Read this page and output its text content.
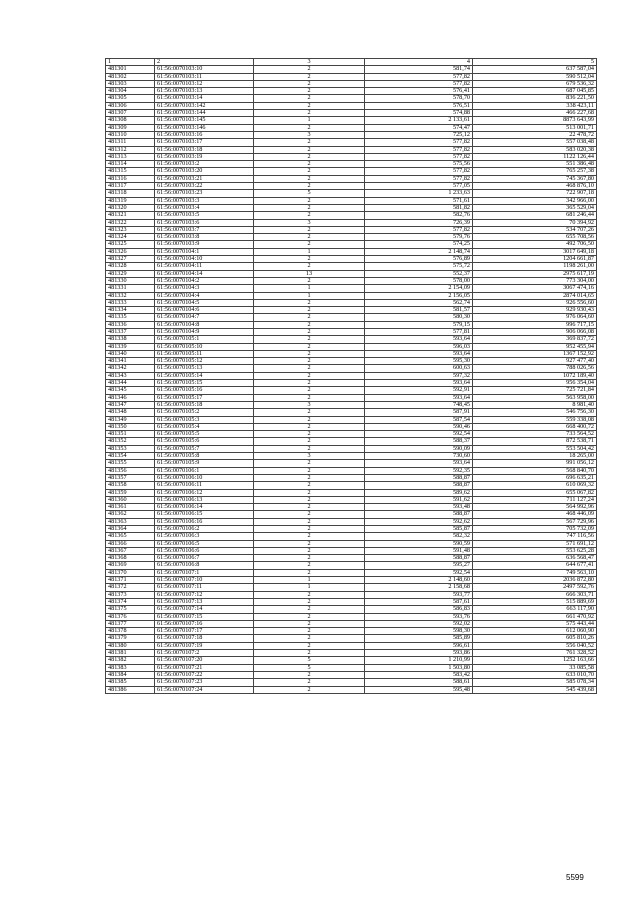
1	2	3	4	5
481301	61:56:0070103:10	2	581,74	637 587,04
481302	61:56:0070103:11	2	577,82	590 512,04
481303	61:56:0070103:12	2	577,82	679 536,32
481304	61:56:0070103:13	2	576,41	687 045,85
481305	61:56:0070103:14	2	578,70	836 221,50
481306	61:56:0070103:142	2	576,51	338 423,11
481307	61:56:0070103:144	2	574,88	466 227,68
481308	61:56:0070103:145	1	2 133,61	8873 643,99
481309	61:56:0070103:146	2	574,47	513 001,71
481310	61:56:0070103:16	3	725,12	22 478,72
481311	61:56:0070103:17	2	577,82	557 038,48
481312	61:56:0070103:18	2	577,82	583 020,38
481313	61:56:0070103:19	2	577,82	1122 126,44
481314	61:56:0070103:2	2	575,56	551 386,48
481315	61:56:0070103:20	2	577,82	765 257,38
481316	61:56:0070103:21	2	577,82	745 367,80
481317	61:56:0070103:22	2	577,05	468 876,10
481318	61:56:0070103:23	5	1 233,63	722 907,18
481319	61:56:0070103:3	2	571,61	342 966,00
481320	61:56:0070103:4	2	581,82	365 529,04
481321	61:56:0070103:5	2	582,76	681 246,44
481322	61:56:0070103:6	3	726,39	70 394,92
481323	61:56:0070103:7	2	577,82	534 707,26
481324	61:56:0070103:8	2	579,76	655 708,56
481325	61:56:0070103:9	2	574,25	492 706,50
481326	61:56:0070104:1	1	2 148,74	3017 649,18
481327	61:56:0070104:10	2	576,89	1204 661,87
481328	61:56:0070104:11	2	575,72	1198 261,00
481329	61:56:0070104:14	13	552,37	2975 617,19
481330	61:56:0070104:2	2	578,00	773 304,00
481331	61:56:0070104:3	1	2 154,09	3067 474,16
481332	61:56:0070104:4	1	2 156,05	2874 014,65
481333	61:56:0070104:5	2	562,74	926 556,60
481334	61:56:0070104:6	2	581,57	929 930,43
481335	61:56:0070104:7	2	580,30	976 064,60
481336	61:56:0070104:8	2	579,15	996 717,15
481337	61:56:0070104:9	2	577,81	906 066,08
481338	61:56:0070105:1	2	593,64	369 837,72
481339	61:56:0070105:10	2	596,03	952 455,94
481340	61:56:0070105:11	2	593,64	1367 152,92
481341	61:56:0070105:12	2	595,30	927 477,40
481342	61:56:0070105:13	2	600,63	788 026,56
481343	61:56:0070105:14	2	597,32	1072 189,40
481344	61:56:0070105:15	2	593,64	956 354,04
481345	61:56:0070105:16	2	592,91	725 721,84
481346	61:56:0070105:17	2	593,64	563 958,00
481347	61:56:0070105:18	3	748,45	8 981,40
481348	61:56:0070105:2	2	587,91	546 756,30
481349	61:56:0070105:3	2	587,54	559 338,08
481350	61:56:0070105:4	2	590,46	668 400,72
481351	61:56:0070105:5	2	592,54	733 564,52
481352	61:56:0070105:6	2	588,37	872 538,71
481353	61:56:0070105:7	2	590,09	553 504,42
481354	61:56:0070105:8	3	730,60	18 265,00
481355	61:56:0070105:9	2	593,64	991 056,12
481356	61:56:0070106:1	2	592,35	568 840,70
481357	61:56:0070106:10	2	588,87	696 635,21
481358	61:56:0070106:11	2	588,87	610 069,32
481359	61:56:0070106:12	2	589,62	655 067,82
481360	61:56:0070106:13	2	591,62	711 127,24
481361	61:56:0070106:14	2	593,48	564 992,96
481362	61:56:0070106:15	2	588,87	468 446,09
481363	61:56:0070106:16	2	592,62	567 729,96
481364	61:56:0070106:2	2	585,87	705 732,09
481365	61:56:0070106:3	2	582,32	747 116,56
481366	61:56:0070106:5	2	590,59	571 691,12
481367	61:56:0070106:6	2	591,48	553 625,28
481368	61:56:0070106:7	2	588,87	636 568,47
481369	61:56:0070106:8	2	595,27	644 677,41
481370	61:56:0070107:1	2	592,54	749 563,10
481371	61:56:0070107:10	1	2 148,60	2036 872,80
481372	61:56:0070107:11	1	2 158,68	2497 592,76
481373	61:56:0070107:12	2	593,77	666 303,71
481374	61:56:0070107:13	2	587,61	515 889,69
481375	61:56:0070107:14	2	586,83	663 117,90
481376	61:56:0070107:15	2	593,76	661 470,92
481377	61:56:0070107:16	2	592,02	575 443,44
481378	61:56:0070107:17	2	598,30	612 060,90
481379	61:56:0070107:18	2	585,89	605 810,26
481380	61:56:0070107:19	2	596,61	556 040,52
481381	61:56:0070107:2	2	593,86	761 328,52
481382	61:56:0070107:20	5	1 210,99	1252 163,66
481383	61:56:0070107:21	5	1 503,80	33 085,58
481384	61:56:0070107:22	2	583,42	633 010,70
481385	61:56:0070107:23	2	588,61	585 078,34
481386	61:56:0070107:24	2	595,48	545 439,68
5599
